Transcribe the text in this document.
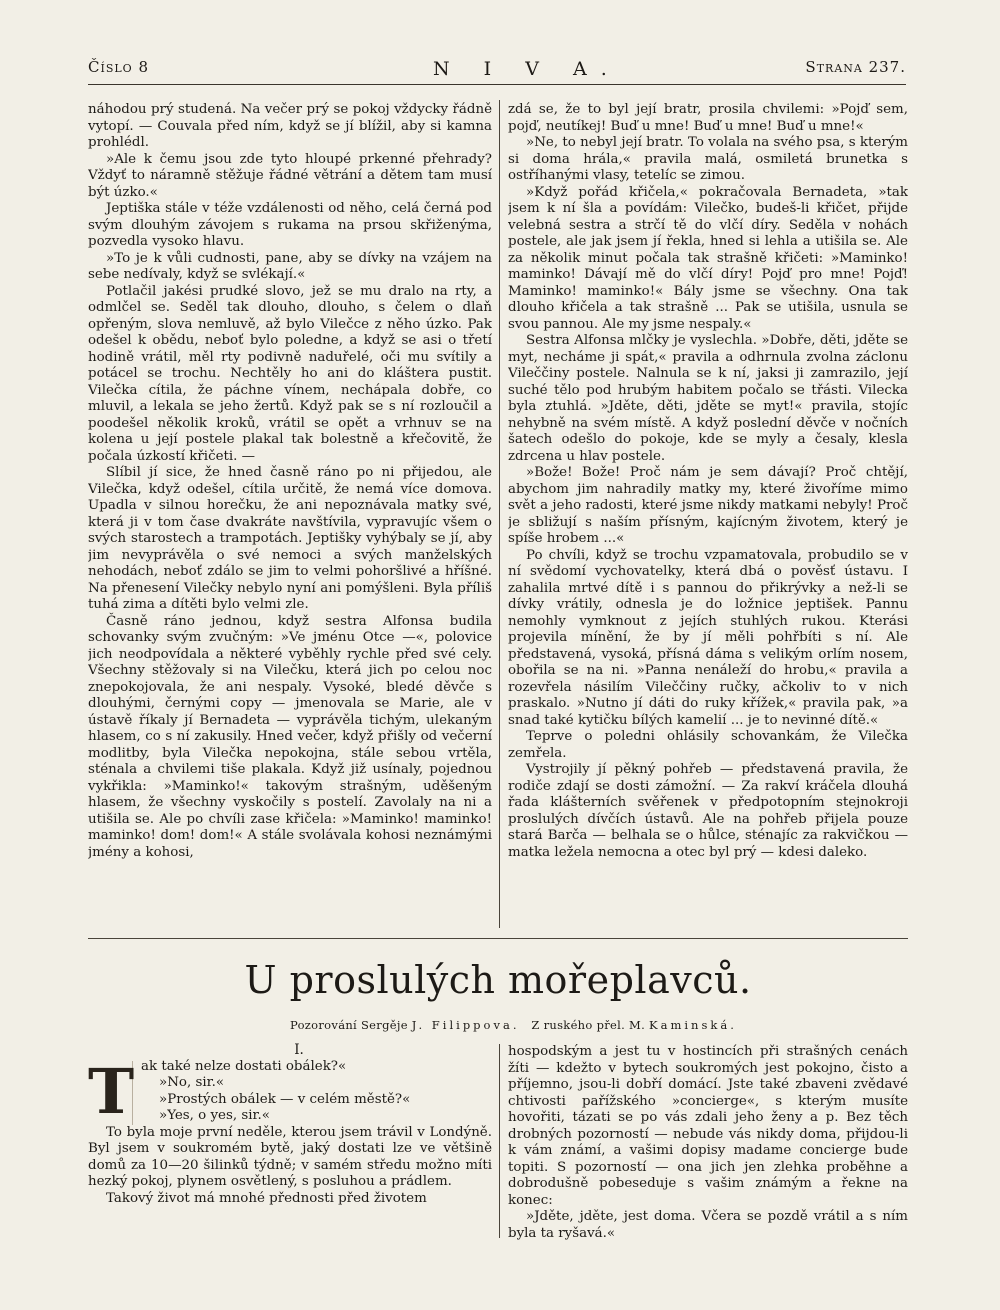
Číslo 8	N I V A.	Strana 237.

náhodou prý studená. Na večer prý se pokoj vždycky řádně vytopí. — Couvala před ním, když se jí blížil, aby si kamna prohlédl.

»Ale k čemu jsou zde tyto hloupé prkenné přehrady? Vždyť to náramně stěžuje řádné větrání a dětem tam musí být úzko.«

Jeptiška stále v téže vzdálenosti od něho, celá černá pod svým dlouhým závojem s rukama na prsou skřiženýma, pozvedla vysoko hlavu.

»To je k vůli cudnosti, pane, aby se dívky na vzájem na sebe nedívaly, když se svlékají.«

Potlačil jakési prudké slovo, jež se mu dralo na rty, a odmlčel se. Seděl tak dlouho, dlouho, s čelem o dlaň opřeným, slova nemluvě, až bylo Vilečce z něho úzko. Pak odešel k obědu, neboť bylo poledne, a když se asi o třetí hodině vrátil, měl rty podivně naduřelé, oči mu svítily a potácel se trochu. Nechtěly ho ani do kláštera pustit. Vilečka cítila, že páchne vínem, nechápala dobře, co mluvil, a lekala se jeho žertů. Když pak se s ní rozloučil a poodešel několik kroků, vrátil se opět a vrhnuv se na kolena u její postele plakal tak bolestně a křečovitě, že počala úzkostí křičeti. —

Slíbil jí sice, že hned časně ráno po ni přijedou, ale Vilečka, když odešel, cítila určitě, že nemá více domova. Upadla v silnou horečku, že ani nepoznávala matky své, která ji v tom čase dvakráte navštívila, vypravujíc všem o svých starostech a trampotách. Jeptišky vyhýbaly se jí, aby jim nevyprávěla o své nemoci a svých manželských nehodách, neboť zdálo se jim to velmi pohoršlivé a hříšné. Na přenesení Vilečky nebylo nyní ani pomýšleni. Byla příliš tuhá zima a dítěti bylo velmi zle.

Časně ráno jednou, když sestra Alfonsa budila schovanky svým zvučným: »Ve jménu Otce —«, polovice jich neodpovídala a některé vyběhly rychle před své cely. Všechny stěžovaly si na Vilečku, která jich po celou noc znepokojovala, že ani nespaly. Vysoké, bledé děvče s dlouhými, černými copy — jmenovala se Marie, ale v ústavě říkaly jí Bernadeta — vyprávěla tichým, ulekaným hlasem, co s ní zakusily. Hned večer, když přišly od večerní modlitby, byla Vilečka nepokojna, stále sebou vrtěla, sténala a chvilemi tiše plakala. Když již usínaly, pojednou vykřikla: »Maminko!« takovým strašným, uděšeným hlasem, že všechny vyskočily s postelí. Zavolaly na ni a utišila se. Ale po chvíli zase křičela: »Maminko! maminko! maminko! dom! dom!« A stále svolávala kohosi neznámými jmény a kohosi,

zdá se, že to byl její bratr, prosila chvilemi: »Pojď sem, pojď, neutíkej! Buď u mne! Buď u mne! Buď u mne!«

»Ne, to nebyl její bratr. To volala na svého psa, s kterým si doma hrála,« pravila malá, osmiletá brunetka s ostříhanými vlasy, tetelíc se zimou.

»Když pořád křičela,« pokračovala Bernadeta, »tak jsem k ní šla a povídám: Vilečko, budeš-li křičet, přijde velebná sestra a strčí tě do vlčí díry. Seděla v nohách postele, ale jak jsem jí řekla, hned si lehla a utišila se. Ale za několik minut počala tak strašně křičeti: »Maminko! maminko! Dávají mě do vlčí díry! Pojď pro mne! Pojď! Maminko! maminko!« Bály jsme se všechny. Ona tak dlouho křičela a tak strašně ... Pak se utišila, usnula se svou pannou. Ale my jsme nespaly.«

Sestra Alfonsa mlčky je vyslechla. »Dobře, děti, jděte se myt, necháme ji spát,« pravila a odhrnula zvolna záclonu Vileččiny postele. Nalnula se k ní, jaksi ji zamrazilo, její suché tělo pod hrubým habitem počalo se třásti. Vilecka byla ztuhlá. »Jděte, děti, jděte se myt!« pravila, stojíc nehybně na svém místě. A když poslední děvče v nočních šatech odešlo do pokoje, kde se myly a česaly, klesla zdrcena u hlav postele.

»Bože! Bože! Proč nám je sem dávají? Proč chtějí, abychom jim nahradily matky my, které živoříme mimo svět a jeho radosti, které jsme nikdy matkami nebyly! Proč je sbližují s naším přísným, kajícným životem, který je spíše hrobem ...«

Po chvíli, když se trochu vzpamatovala, probudilo se v ní svědomí vychovatelky, která dbá o pověsť ústavu. I zahalila mrtvé dítě i s pannou do přikrývky a než-li se dívky vrátily, odnesla je do ložnice jeptišek. Pannu nemohly vymknout z jejích stuhlých rukou. Kterási projevila mínění, že by jí měli pohřbíti s ní. Ale představená, vysoká, přísná dáma s velikým orlím nosem, obořila se na ni. »Panna nenáleží do hrobu,« pravila a rozevřela násilím Vileččiny ručky, ačkoliv to v nich praskalo. »Nutno jí dáti do ruky křížek,« pravila pak, »a snad také kytičku bílých kamelií ... je to nevinné dítě.«

Teprve o poledni ohlásily schovankám, že Vilečka zemřela.

Vystrojily jí pěkný pohřeb — představená pravila, že rodiče zdají se dosti zámožní. — Za rakví kráčela dlouhá řada klášterních svěřenek v předpotopním stejnokroji proslulých dívčích ústavů. Ale na pohřeb přijela pouze stará Barča — belhala se o hůlce, sténajíc za rakvičkou — matka ležela nemocna a otec byl prý — kdesi daleko.

U proslulých mořeplavců.
Pozorování Sergěje J. Filippova. Z ruského přel. M. Kaminská.

I.

T ak také nelze dostati obálek?«

»No, sir.«

»Prostých obálek — v celém městě?«

»Yes, o yes, sir.«

To byla moje první neděle, kterou jsem trávil v Londýně. Byl jsem v soukromém bytě, jaký dostati lze ve většině domů za 10—20 šilinků týdně; v samém středu možno míti hezký pokoj, plynem osvětlený, s posluhou a prádlem.

Takový život má mnohé přednosti před životem

hospodským a jest tu v hostincích při strašných cenách žíti — kdežto v bytech soukromých jest pokojno, čisto a příjemno, jsou-li dobří domácí. Jste také zbaveni zvědavé chtivosti pařížského »concierge«, s kterým musíte hovořiti, tázati se po vás zdali jeho ženy a p. Bez těch drobných pozorností — nebude vás nikdy doma, přijdou-li k vám známí, a vašimi dopisy madame concierge bude topiti. S pozorností — ona jich jen zlehka proběhne a dobrodušně pobeseduje s vašim známým a řekne na konec:

»Jděte, jděte, jest doma. Včera se pozdě vrátil a s ním byla ta ryšavá.«
